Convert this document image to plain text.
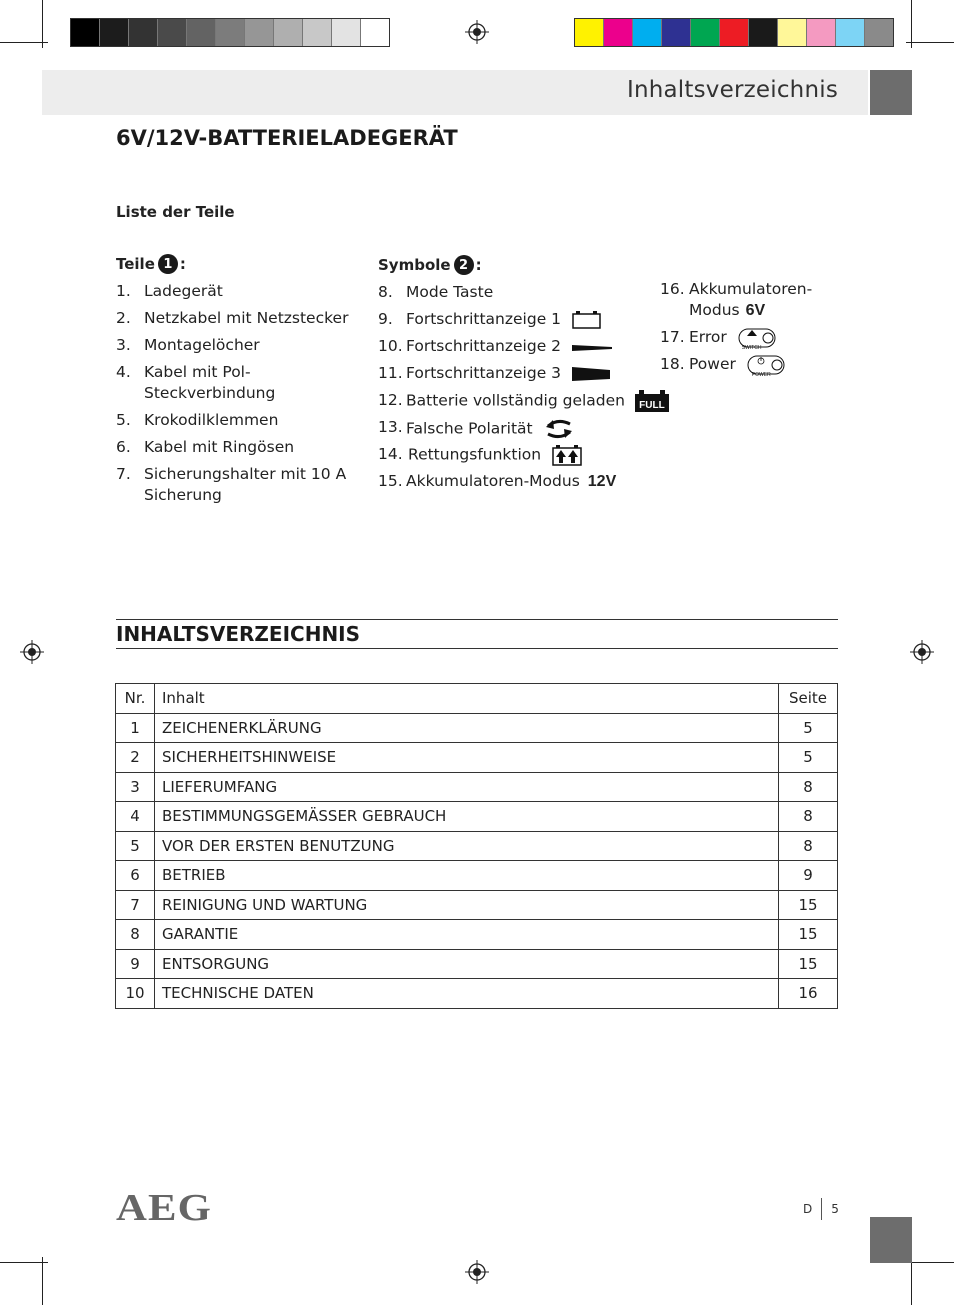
Inhaltsverzeichnis
6V/12V-BATTERIELADEGERÄT
Liste der Teile
Teile 1 :
1. Ladegerät
2. Netzkabel mit Netzstecker
3. Montagelöcher
4. Kabel mit Pol-
Steckverbindung
5. Krokodilklemmen
6. Kabel mit Ringösen
7. Sicherungshalter mit 10 A
Sicherung
Symbole 2 :
8. Mode Taste
9. Fortschrittanzeige 1
10. Fortschrittanzeige 2
11. Fortschrittanzeige 3
12. Batterie vollständig geladen	FULL
13. Falsche Polarität
14. Rettungsfunktion
15. Akkumulatoren-Modus 12V
16. Akkumulatoren-
Modus 6V
17. Error
SWITCH
18. Power
POWER
INHALTSVERZEICHNIS
Nr.	Inhalt	Seite
1	ZEICHENERKLÄRUNG	5
2	SICHERHEITSHINWEISE	5
3	LIEFERUMFANG	8
4	BESTIMMUNGSGEMÄSSER GEBRAUCH	8
5	VOR DER ERSTEN BENUTZUNG	8
6	BETRIEB	9
7	REINIGUNG UND WARTUNG	15
8	GARANTIE	15
9	ENTSORGUNG	15
10	TECHNISCHE DATEN	16
AEG	D 5
